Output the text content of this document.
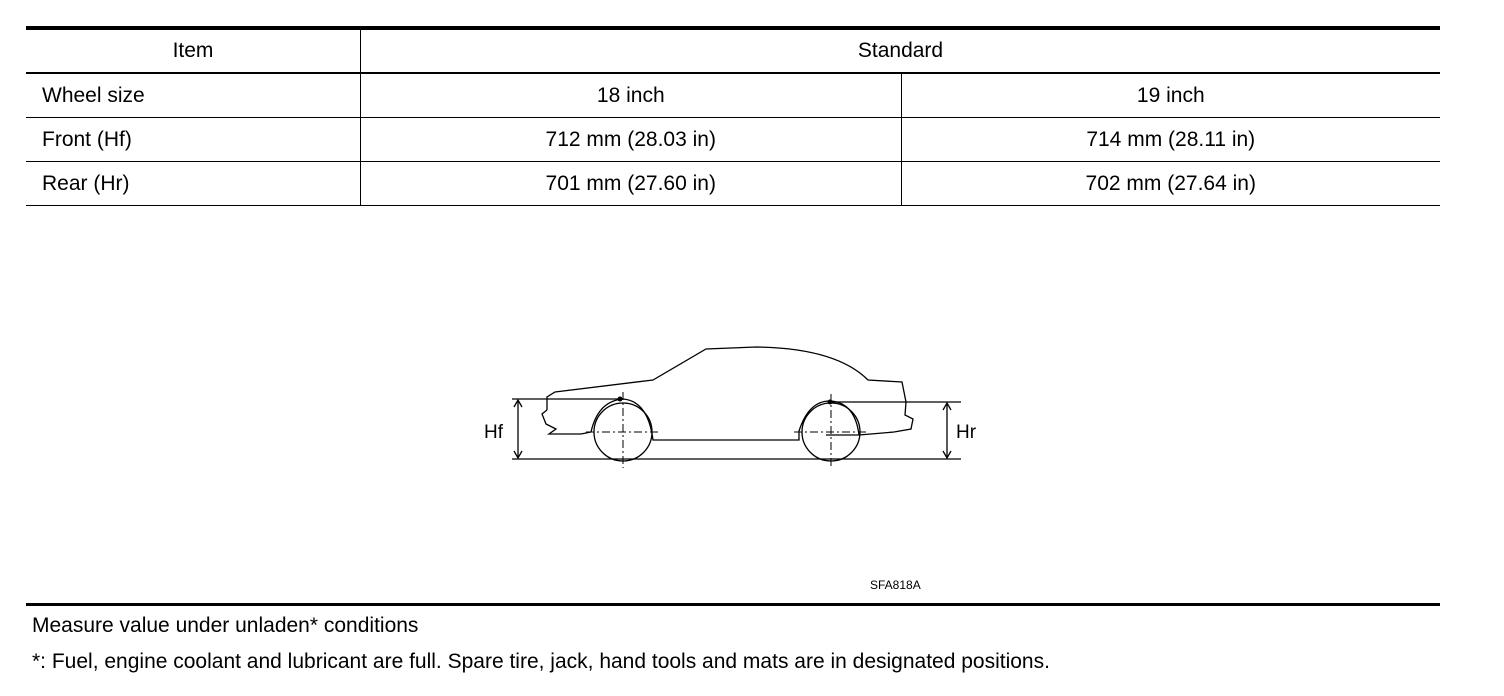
Item	Standard	
Wheel size	18 inch	19 inch
Front (Hf)	712 mm (28.03 in)	714 mm (28.11 in)
Rear (Hr)	701 mm (27.60 in)	702 mm (27.64 in)
Hf	Hr
SFA818A
Measure value under unladen* conditions
*: Fuel, engine coolant and lubricant are full. Spare tire, jack, hand tools and mats are in designated positions.
